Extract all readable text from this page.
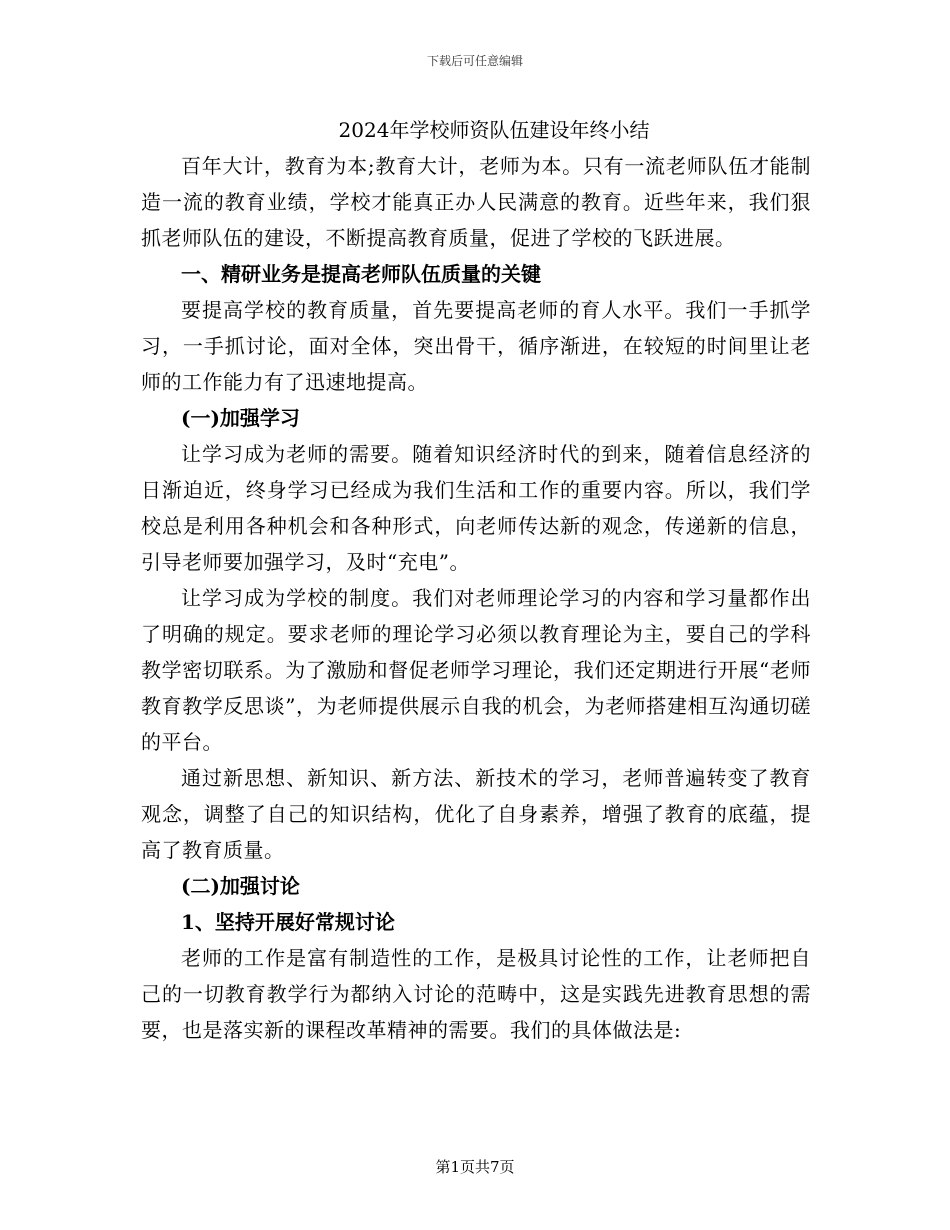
下载后可任意编辑
2024年学校师资队伍建设年终小结

百年大计，教育为本;教育大计，老师为本。只有一流老师队伍才能制造一流的教育业绩，学校才能真正办人民满意的教育。近些年来，我们狠抓老师队伍的建设，不断提高教育质量，促进了学校的飞跃进展。

一、精研业务是提高老师队伍质量的关键

要提高学校的教育质量，首先要提高老师的育人水平。我们一手抓学习，一手抓讨论，面对全体，突出骨干，循序渐进，在较短的时间里让老师的工作能力有了迅速地提高。

(一)加强学习

让学习成为老师的需要。随着知识经济时代的到来，随着信息经济的日渐迫近，终身学习已经成为我们生活和工作的重要内容。所以，我们学校总是利用各种机会和各种形式，向老师传达新的观念，传递新的信息，引导老师要加强学习，及时“充电”。

让学习成为学校的制度。我们对老师理论学习的内容和学习量都作出了明确的规定。要求老师的理论学习必须以教育理论为主，要自己的学科教学密切联系。为了激励和督促老师学习理论，我们还定期进行开展“老师教育教学反思谈”，为老师提供展示自我的机会，为老师搭建相互沟通切磋的平台。

通过新思想、新知识、新方法、新技术的学习，老师普遍转变了教育观念，调整了自己的知识结构，优化了自身素养，增强了教育的底蕴，提高了教育质量。

(二)加强讨论

1、坚持开展好常规讨论

老师的工作是富有制造性的工作，是极具讨论性的工作，让老师把自己的一切教育教学行为都纳入讨论的范畴中，这是实践先进教育思想的需要，也是落实新的课程改革精神的需要。我们的具体做法是:

第1页共7页
